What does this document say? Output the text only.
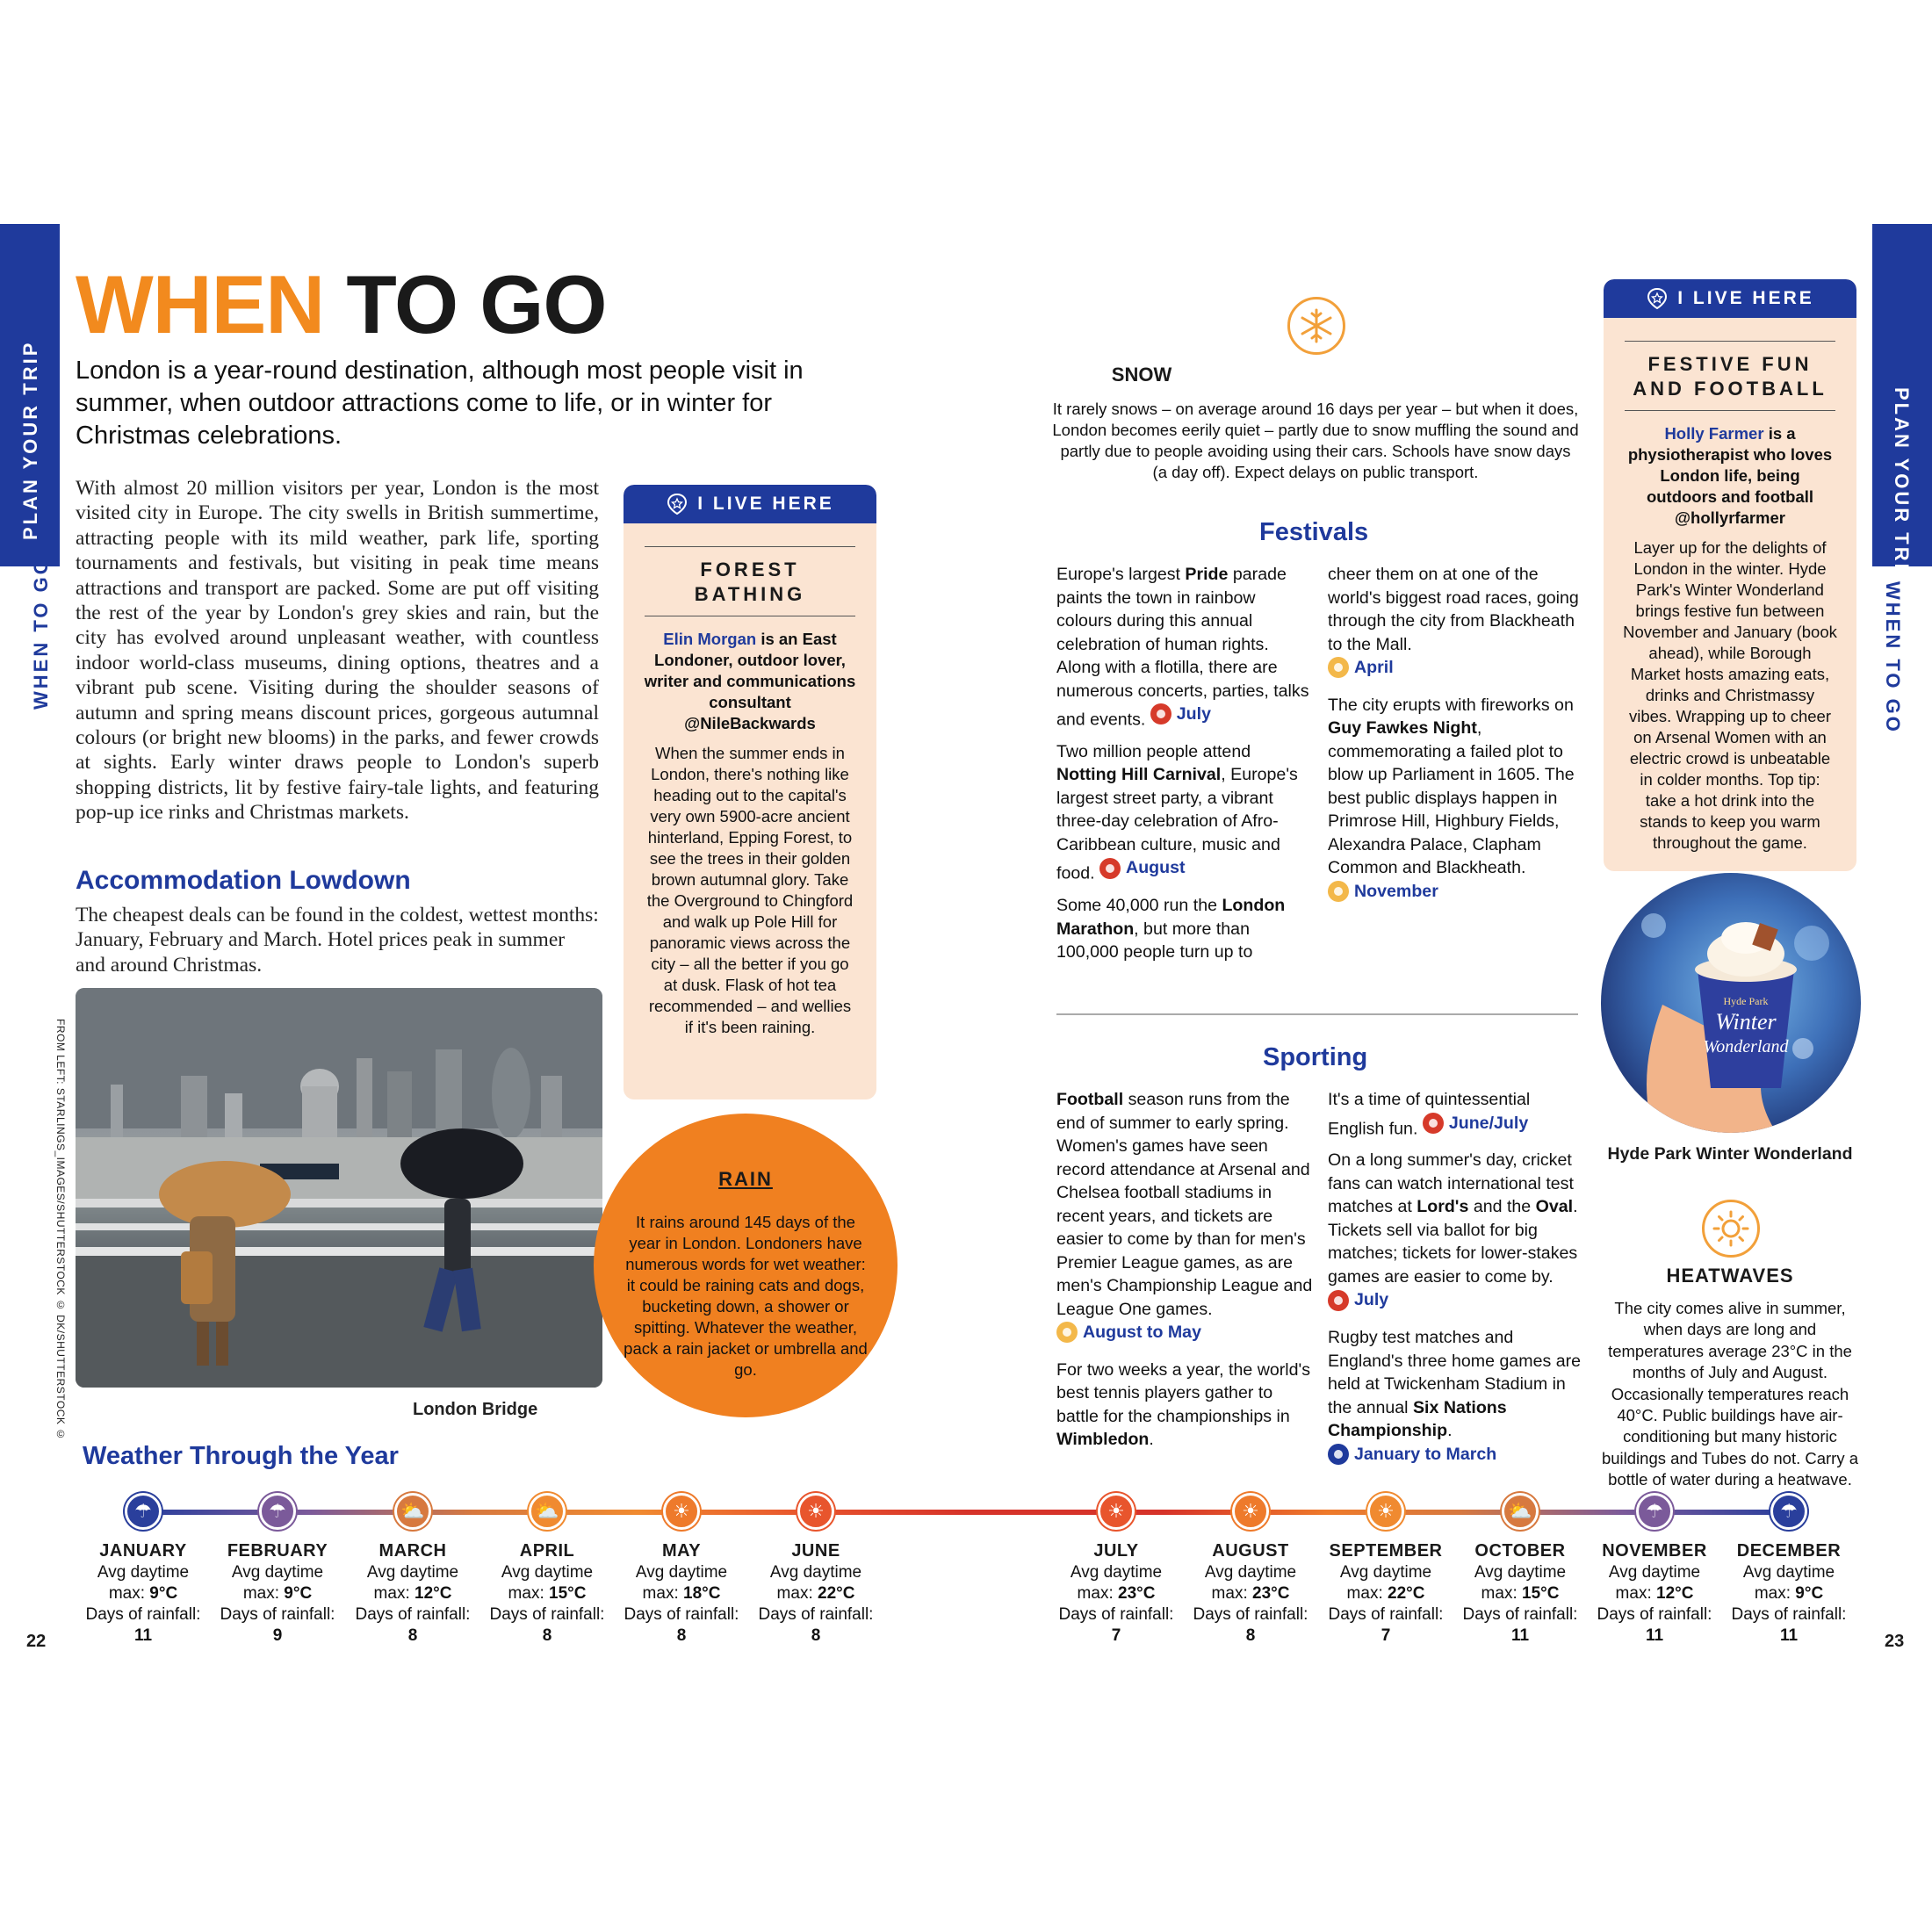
PLAN YOUR TRIP
WHEN TO GO
PLAN YOUR TRIP
WHEN TO GO
WHEN TO GO
London is a year-round destination, although most people visit in summer, when outdoor attractions come to life, or in winter for Christmas celebrations.
With almost 20 million visitors per year, London is the most visited city in Europe. The city swells in British summertime, attracting people with its mild weather, park life, sporting tournaments and festivals, but visiting in peak time means attractions and transport are packed. Some are put off visiting the rest of the year by London's grey skies and rain, but the city has evolved around unpleasant weather, with countless indoor world-class museums, dining options, theatres and a vibrant pub scene. Visiting during the shoulder seasons of autumn and spring means discount prices, gorgeous autumnal colours (or bright new blooms) in the parks, and fewer crowds at sights. Early winter draws people to London's superb shopping districts, lit by festive fairy-tale lights, and featuring pop-up ice rinks and Christmas markets.
Accommodation Lowdown
The cheapest deals can be found in the coldest, wettest months: January, February and March. Hotel prices peak in summer and around Christmas.
FROM LEFT: STARLINGS_IMAGES/SHUTTERSTOCK © DK/SHUTTERSTOCK ©	London Bridge
I LIVE HERE
FOREST
BATHING
Elin Morgan is an East Londoner, outdoor lover, writer and communications consultant @NileBackwards
When the summer ends in London, there's nothing like heading out to the capital's very own 5900-acre ancient hinterland, Epping Forest, to see the trees in their golden brown autumnal glory. Take the Overground to Chingford and walk up Pole Hill for panoramic views across the city – all the better if you go at dusk. Flask of hot tea recommended – and wellies if it's been raining.
RAIN
It rains around 145 days of the year in London. Londoners have numerous words for wet weather: it could be raining cats and dogs, bucketing down, a shower or spitting. Whatever the weather, pack a rain jacket or umbrella and go.
SNOW
It rarely snows – on average around 16 days per year – but when it does, London becomes eerily quiet – partly due to snow muffling the sound and partly due to people avoiding using their cars. Schools have snow days (a day off). Expect delays on public transport.
Festivals

Europe's largest Pride parade paints the town in rainbow colours during this annual celebration of human rights. Along with a flotilla, there are numerous concerts, parties, talks and events. July

Two million people attend Notting Hill Carnival, Europe's largest street party, a vibrant three-day celebration of Afro-Caribbean culture, music and food. August

Some 40,000 run the London Marathon, but more than 100,000 people turn up to

cheer them on at one of the world's biggest road races, going through the city from Blackheath to the Mall.

April

The city erupts with fireworks on Guy Fawkes Night, commemorating a failed plot to blow up Parliament in 1605. The best public displays happen in Primrose Hill, Highbury Fields, Alexandra Palace, Clapham Common and Blackheath.

November

Sporting

Football season runs from the end of summer to early spring. Women's games have seen record attendance at Arsenal and Chelsea football stadiums in recent years, and tickets are easier to come by than for men's Premier League games, as are men's Championship League and League One games.

August to May

For two weeks a year, the world's best tennis players gather to battle for the championships in Wimbledon.

It's a time of quintessential English fun. June/July

On a long summer's day, cricket fans can watch international test matches at Lord's and the Oval. Tickets sell via ballot for big matches; tickets for lower-stakes games are easier to come by.

July

Rugby test matches and England's three home games are held at Twickenham Stadium in the annual Six Nations Championship.
January to March

I LIVE HERE
FESTIVE FUN
AND FOOTBALL
Holly Farmer is a physiotherapist who loves London life, being outdoors and football @hollyrfarmer
Layer up for the delights of London in the winter. Hyde Park's Winter Wonderland brings festive fun between November and January (book ahead), while Borough Market hosts amazing eats, drinks and Christmassy vibes. Wrapping up to cheer on Arsenal Women with an electric crowd is unbeatable in colder months. Top tip: take a hot drink into the stands to keep you warm throughout the game.
Hyde Park
Winter
Wonderland
Hyde Park Winter Wonderland
HEATWAVES
The city comes alive in summer, when days are long and temperatures average 23°C in the months of July and August. Occasionally temperatures reach 40°C. Public buildings have air-conditioning but many historic buildings and Tubes do not. Carry a bottle of water during a heatwave.
Weather Through the Year
☂
JANUARY
Avg daytime
max: 9°C
Days of rainfall:
11
☂
FEBRUARY
Avg daytime
max: 9°C
Days of rainfall:
9
⛅
MARCH
Avg daytime
max: 12°C
Days of rainfall:
8
⛅
APRIL
Avg daytime
max: 15°C
Days of rainfall:
8
☀
MAY
Avg daytime
max: 18°C
Days of rainfall:
8
☀
JUNE
Avg daytime
max: 22°C
Days of rainfall:
8
☀
JULY
Avg daytime
max: 23°C
Days of rainfall:
7
☀
AUGUST
Avg daytime
max: 23°C
Days of rainfall:
8
☀
SEPTEMBER
Avg daytime
max: 22°C
Days of rainfall:
7
⛅
OCTOBER
Avg daytime
max: 15°C
Days of rainfall:
11
☂
NOVEMBER
Avg daytime
max: 12°C
Days of rainfall:
11
☂
DECEMBER
Avg daytime
max: 9°C
Days of rainfall:
11
22	23
